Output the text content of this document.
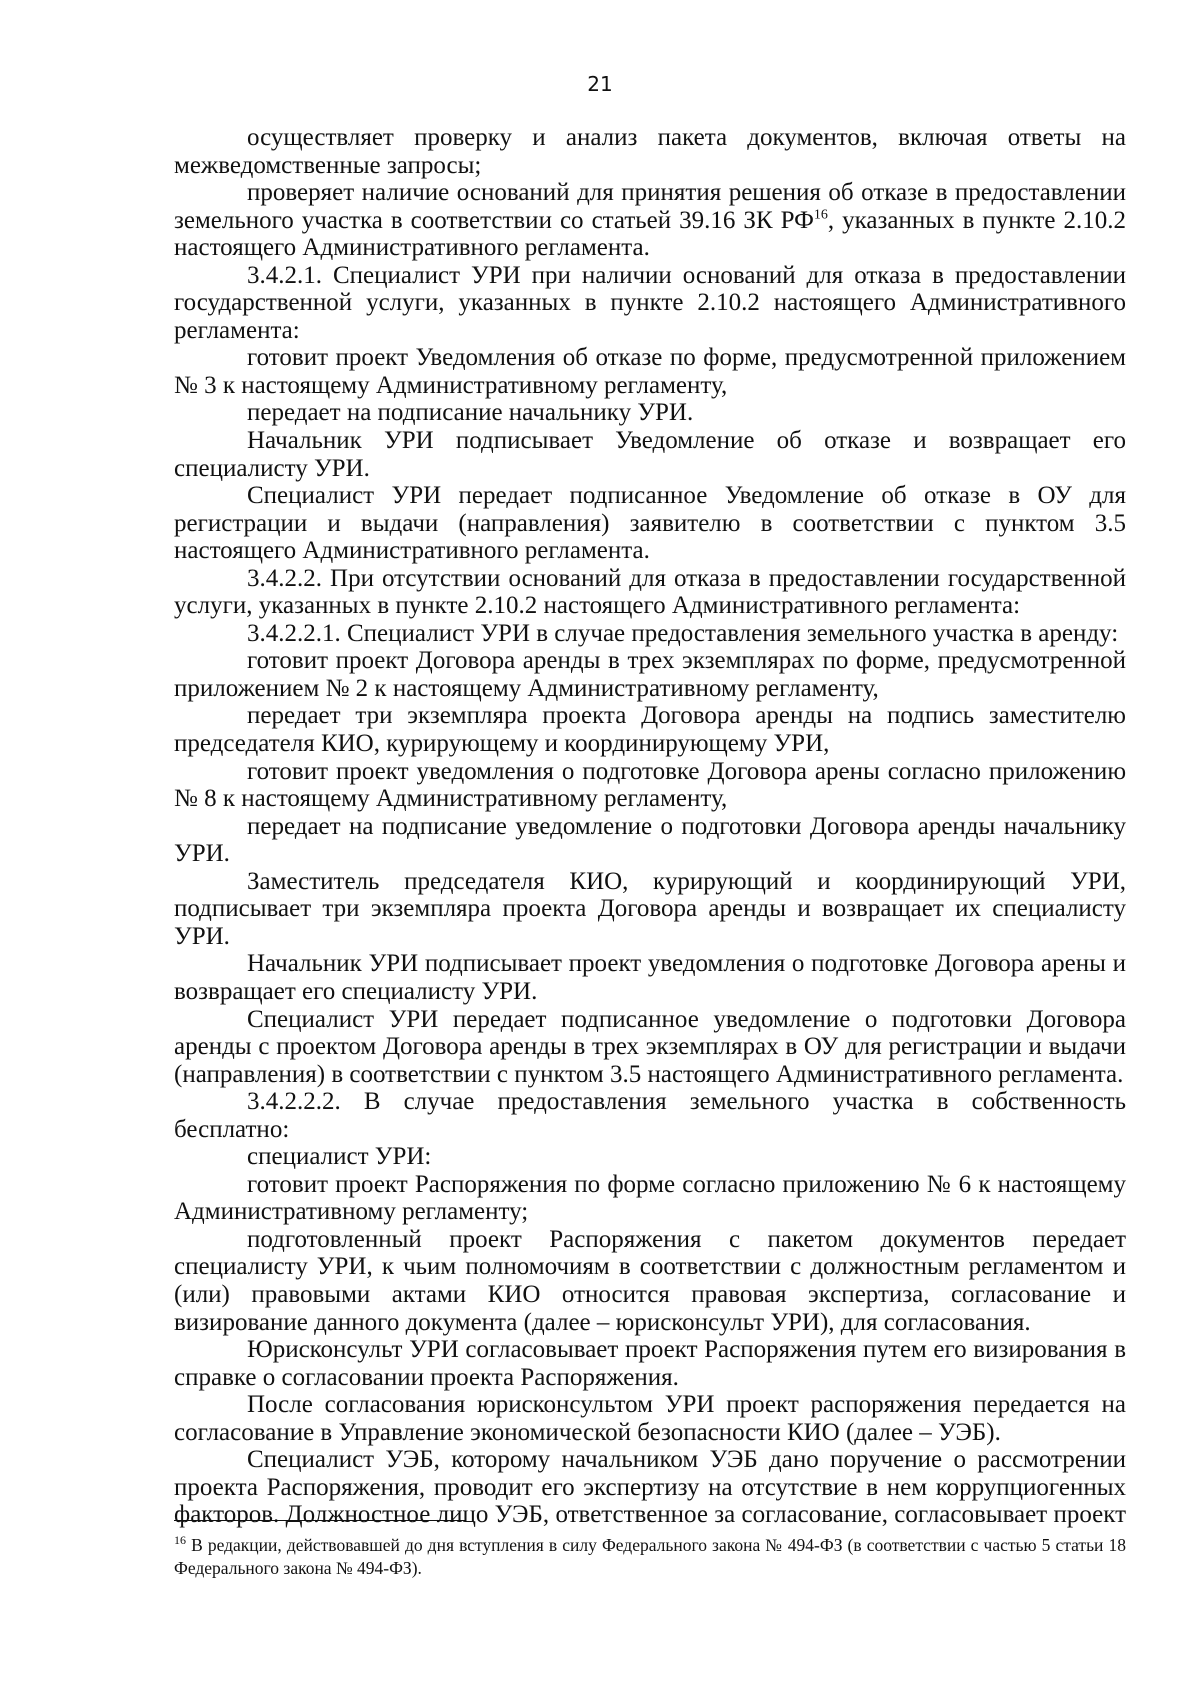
21

осуществляет проверку и анализ пакета документов, включая ответы на межведомственные запросы;

проверяет наличие оснований для принятия решения об отказе в предоставлении земельного участка в соответствии со статьей 39.16 ЗК РФ$^{16}$, указанных в пункте 2.10.2 настоящего Административного регламента.

3.4.2.1. Специалист УРИ при наличии оснований для отказа в предоставлении государственной услуги, указанных в пункте 2.10.2 настоящего Административного регламента:

готовит проект Уведомления об отказе по форме, предусмотренной приложением № 3 к настоящему Административному регламенту,

передает на подписание начальнику УРИ.

Начальник УРИ подписывает Уведомление об отказе и возвращает его специалисту УРИ.

Специалист УРИ передает подписанное Уведомление об отказе в ОУ для регистрации и выдачи (направления) заявителю в соответствии с пунктом 3.5 настоящего Административного регламента.

3.4.2.2. При отсутствии оснований для отказа в предоставлении государственной услуги, указанных в пункте 2.10.2 настоящего Административного регламента:

3.4.2.2.1. Специалист УРИ в случае предоставления земельного участка в аренду:

готовит проект Договора аренды в трех экземплярах по форме, предусмотренной приложением № 2 к настоящему Административному регламенту,

передает три экземпляра проекта Договора аренды на подпись заместителю председателя КИО, курирующему и координирующему УРИ,

готовит проект уведомления о подготовке Договора арены согласно приложению № 8 к настоящему Административному регламенту,

передает на подписание уведомление о подготовки Договора аренды начальнику УРИ.

Заместитель председателя КИО, курирующий и координирующий УРИ, подписывает три экземпляра проекта Договора аренды и возвращает их специалисту УРИ.

Начальник УРИ подписывает проект уведомления о подготовке Договора арены и возвращает его специалисту УРИ.

Специалист УРИ передает подписанное уведомление о подготовки Договора аренды с проектом Договора аренды в трех экземплярах в ОУ для регистрации и выдачи (направления) в соответствии с пунктом 3.5 настоящего Административного регламента.

3.4.2.2.2. В случае предоставления земельного участка в собственность бесплатно:

специалист УРИ:

готовит проект Распоряжения по форме согласно приложению № 6 к настоящему Административному регламенту;

подготовленный проект Распоряжения с пакетом документов передает специалисту УРИ, к чьим полномочиям в соответствии с должностным регламентом и (или) правовыми актами КИО относится правовая экспертиза, согласование и визирование данного документа (далее – юрисконсульт УРИ), для согласования.

Юрисконсульт УРИ согласовывает проект Распоряжения путем его визирования в справке о согласовании проекта Распоряжения.

После согласования юрисконсультом УРИ проект распоряжения передается на согласование в Управление экономической безопасности КИО (далее – УЭБ).

Специалист УЭБ, которому начальником УЭБ дано поручение о рассмотрении проекта Распоряжения, проводит его экспертизу на отсутствие в нем коррупциогенных факторов. Должностное лицо УЭБ, ответственное за согласование, согласовывает проект

$^{16}$ В редакции, действовавшей до дня вступления в силу Федерального закона № 494-ФЗ (в соответствии с частью 5 статьи 18 Федерального закона № 494-ФЗ).
